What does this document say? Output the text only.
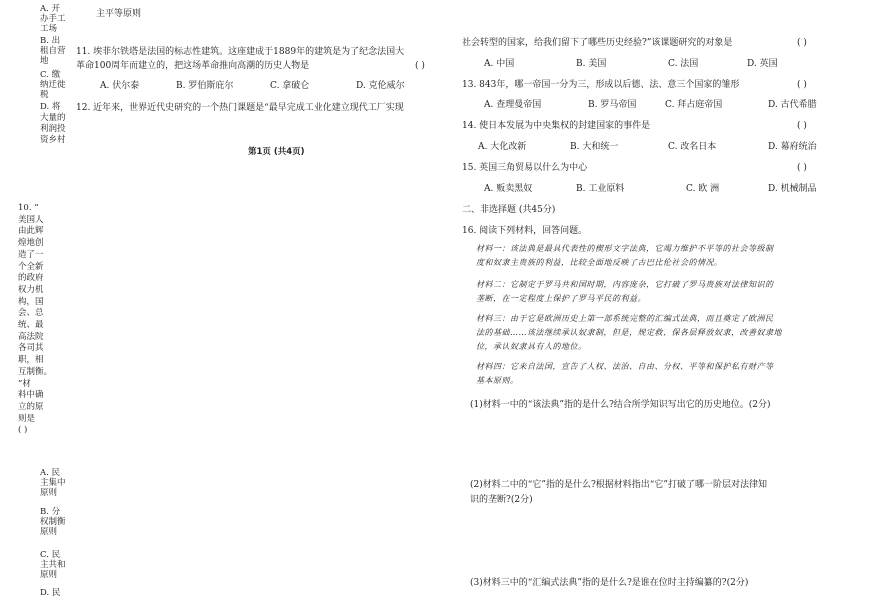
A. 开
办手工
工场
B. 出
租自营
地
C. 缴
纳迁徙
税
D. 将
大量的
利润投
资乡村
主平等原则
10. “
美国人
由此辉
煌地创
造了一
个全新
的政府
权力机
构，国
会、总
统、最
高法院
各司其
职，相
互制衡。
”材
料中确
立的原
则是
( )
A. 民
主集中
原则
B. 分
权制衡
原则
C. 民
主共和
原则
D. 民
11. 埃菲尔铁塔是法国的标志性建筑。这座建成于1889年的建筑是为了纪念法国大
革命100周年而建立的，把这场革命推向高潮的历史人物是	( )
A. 伏尔泰	B. 罗伯斯庇尔	C. 拿破仑	D. 克伦威尔
12. 近年来，世界近代史研究的一个热门课题是“最早完成工业化建立现代工厂实现
第1页 (共4页)
社会转型的国家，给我们留下了哪些历史经验?”该课题研究的对象是	( )
A. 中国	B. 美国	C. 法国	D. 英国
13. 843年，哪一帝国一分为三，形成以后德、法、意三个国家的雏形	( )
A. 查理曼帝国	B. 罗马帝国	C. 拜占庭帝国	D. 古代希腊
14. 使日本发展为中央集权的封建国家的事件是	( )
A. 大化改新	B. 大和统一	C. 改名日本	D. 幕府统治
15. 英国三角贸易以什么为中心	( )
A. 贩卖黑奴	B. 工业原料	C. 欧 洲	D. 机械制品
二、非选择题 (共45分)
16. 阅读下列材料，回答问题。
材料一：该法典是最具代表性的楔形文字法典，它竭力维护不平等的社会等级制
度和奴隶主贵族的利益，比较全面地反映了古巴比伦社会的情况。
材料二：它制定于罗马共和国时期，内容庞杂，它打破了罗马贵族对法律知识的
垄断，在一定程度上保护了罗马平民的利益。
材料三：由于它是欧洲历史上第一部系统完整的汇编式法典，而且奠定了欧洲民
法的基础……该法继续承认奴隶制，但是，规定救、保各层释放奴隶，改善奴隶地
位，承认奴隶具有人的地位。
材料四：它来自法国，宣告了人权、法治、自由、分权、平等和保护私有财产等
基本原则。
(1)材料一中的“该法典”指的是什么?结合所学知识写出它的历史地位。(2分)
(2)材料二中的“它”指的是什么?根据材料指出“它”打破了哪一阶层对法律知
识的垄断?(2分)
(3)材料三中的“汇编式法典”指的是什么?是谁在位时主持编纂的?(2分)
